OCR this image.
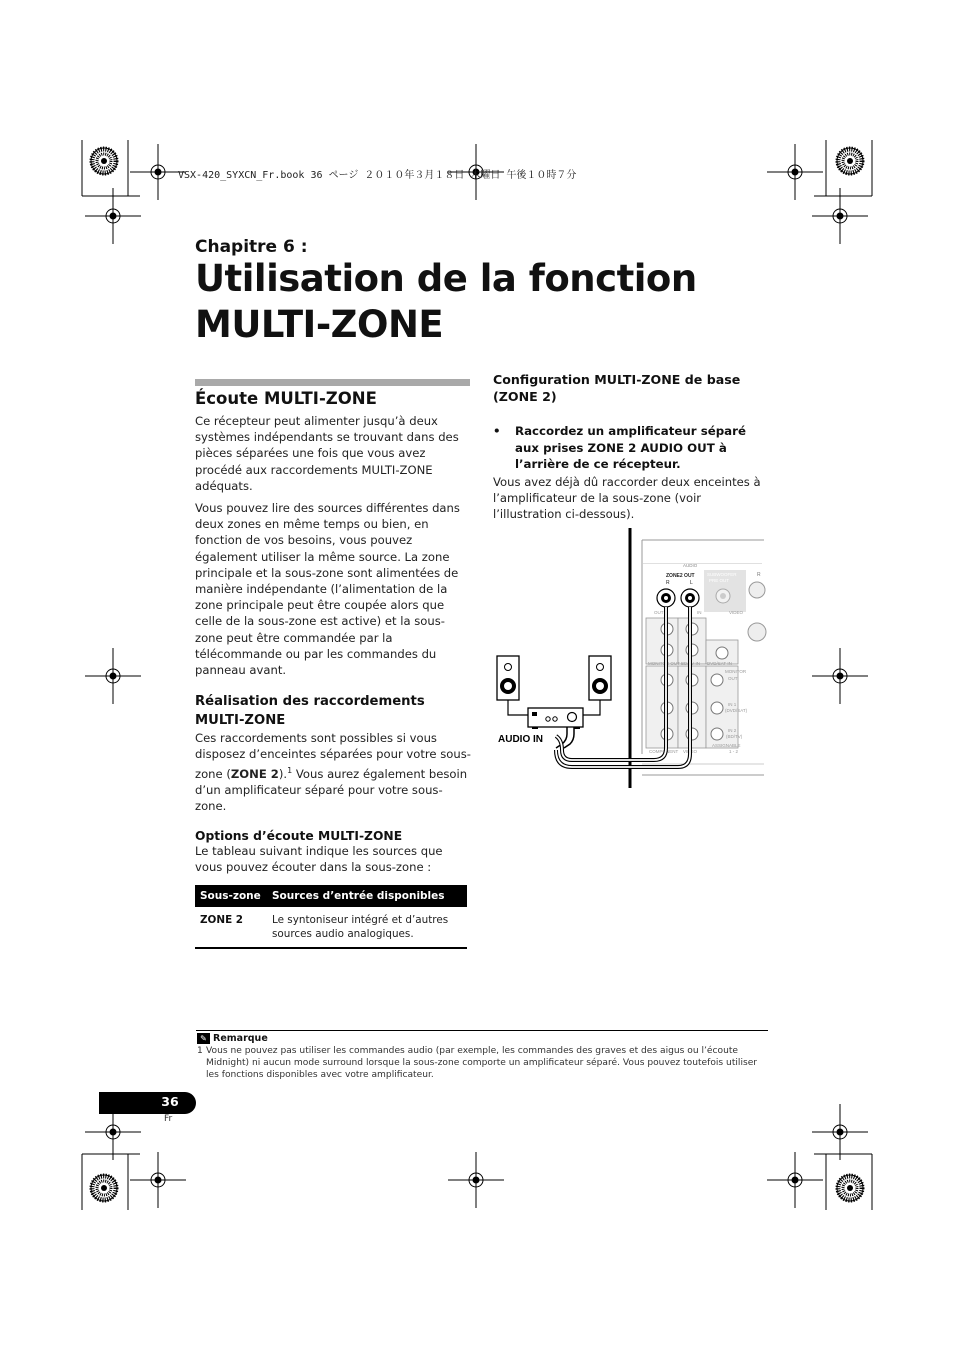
VSX-420_SYXCN_Fr.book 36 ページ ２０１０年３月１８日 木曜日 午後１０時７分
Chapitre 6 :
Utilisation de la fonction
MULTI-ZONE
Écoute MULTI-ZONE

Ce récepteur peut alimenter jusqu’à deux systèmes indépendants se trouvant dans des pièces séparées une fois que vous avez procédé aux raccordements MULTI-ZONE adéquats.

Vous pouvez lire des sources différentes dans deux zones en même temps ou bien, en fonction de vos besoins, vous pouvez également utiliser la même source. La zone principale et la sous-zone sont alimentées de manière indépendante (l’alimentation de la zone principale peut être coupée alors que celle de la sous-zone est active) et la sous-zone peut être commandée par la télécommande ou par les commandes du panneau avant.

Réalisation des raccordements MULTI-ZONE

Ces raccordements sont possibles si vous disposez d’enceintes séparées pour votre sous-zone (ZONE 2).$^1$ Vous aurez également besoin d’un amplificateur séparé pour votre sous-zone.

Options d’écoute MULTI-ZONE

Le tableau suivant indique les sources que vous pouvez écouter dans la sous-zone :

Sous-zone	Sources d’entrée disponibles
ZONE 2	Le syntoniseur intégré et d’autres sources audio analogiques.
Configuration MULTI-ZONE de base (ZONE 2)
•	Raccordez un amplificateur séparé aux prises ZONE 2 AUDIO OUT à l’arrière de ce récepteur.

Vous avez déjà dû raccorder deux enceintes à l’amplificateur de la sous-zone (voir l’illustration ci-dessous).

AUDIO
ZONE2 OUT
R	L
SUBWOOFER
PRE OUT
R
OUT	IN	VIDEO
MONITOR OUT BD/TV IN DVD/SAT IN
MONITOR
OUT
IN 1
(DVD/SAT)
IN 2
(BD/TV)
ASSIGNABLE
1 - 2
COMPONENT VIDEO
AUDIO IN
✎ Remarque
1 Vous ne pouvez pas utiliser les commandes audio (par exemple, les commandes des graves et des aigus ou l’écoute Midnight) ni aucun mode surround lorsque la sous-zone comporte un amplificateur séparé. Vous pouvez toutefois utiliser les fonctions disponibles avec votre amplificateur.
36
Fr
